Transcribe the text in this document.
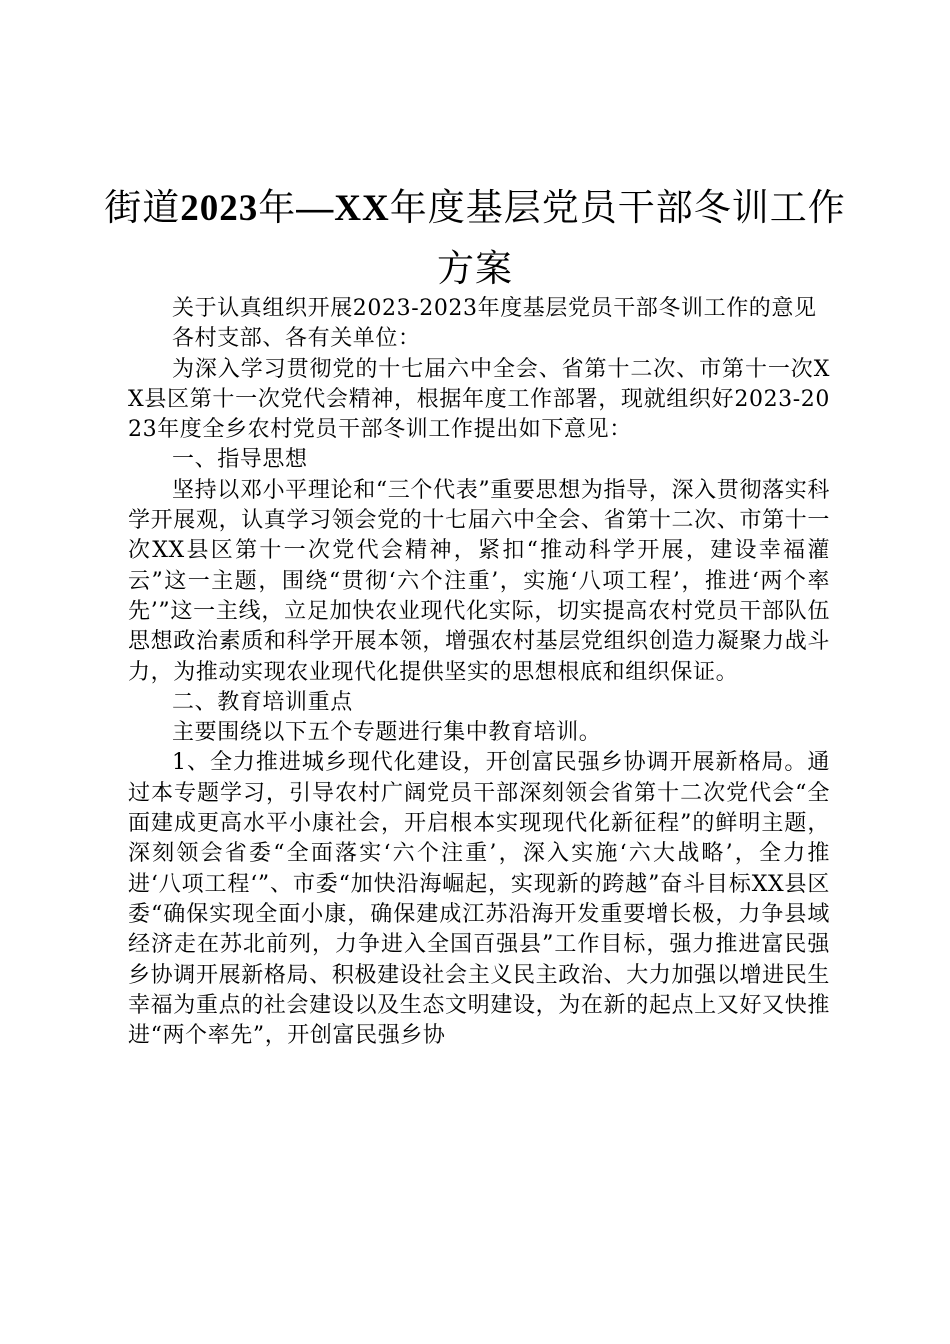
街道2023年—XX年度基层党员干部冬训工作
方案

关于认真组织开展2023-2023年度基层党员干部冬训工作的意见

各村支部、各有关单位：

为深入学习贯彻党的十七届六中全会、省第十二次、市第十一次XX县区第十一次党代会精神，根据年度工作部署，现就组织好2023-2023年度全乡农村党员干部冬训工作提出如下意见：

一、指导思想

坚持以邓小平理论和“三个代表”重要思想为指导，深入贯彻落实科学开展观，认真学习领会党的十七届六中全会、省第十二次、市第十一次XX县区第十一次党代会精神，紧扣“推动科学开展，建设幸福灌云”这一主题，围绕“贯彻‘六个注重’，实施‘八项工程’，推进‘两个率先’”这一主线，立足加快农业现代化实际，切实提高农村党员干部队伍思想政治素质和科学开展本领，增强农村基层党组织创造力凝聚力战斗力，为推动实现农业现代化提供坚实的思想根底和组织保证。

二、教育培训重点

主要围绕以下五个专题进行集中教育培训。

1、全力推进城乡现代化建设，开创富民强乡协调开展新格局。通过本专题学习，引导农村广阔党员干部深刻领会省第十二次党代会“全面建成更高水平小康社会，开启根本实现现代化新征程”的鲜明主题，深刻领会省委“全面落实‘六个注重’，深入实施‘六大战略’，全力推进‘八项工程‘”、市委“加快沿海崛起，实现新的跨越”奋斗目标XX县区委“确保实现全面小康，确保建成江苏沿海开发重要增长极，力争县域经济走在苏北前列，力争进入全国百强县”工作目标，强力推进富民强乡协调开展新格局、积极建设社会主义民主政治、大力加强以增进民生幸福为重点的社会建设以及生态文明建设，为在新的起点上又好又快推进“两个率先”，开创富民强乡协
